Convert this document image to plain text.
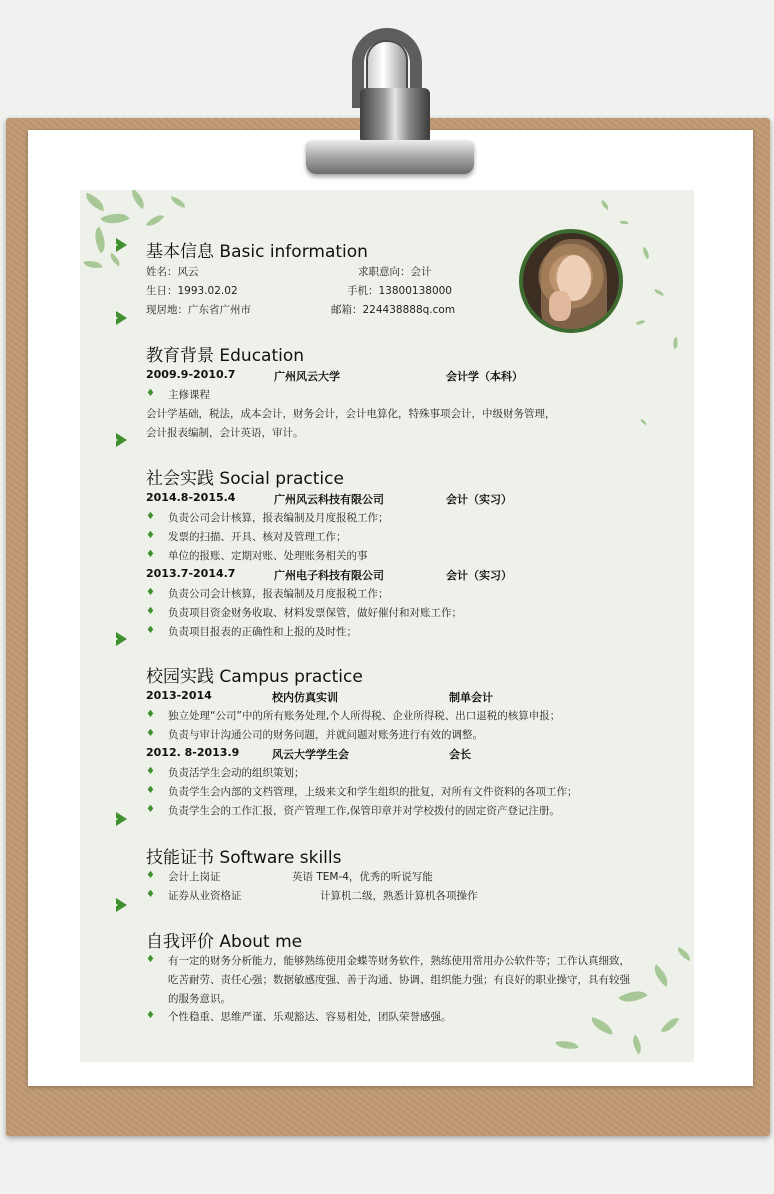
基本信息 Basic information
姓名：风云	求职意向：会计
生日：1993.02.02	手机：13800138000
现居地：广东省广州市	邮箱：224438888q.com
教育背景 Education
2009.9-2010.7	广州风云大学	会计学（本科）
♦ 主修课程
会计学基础，税法，成本会计，财务会计，会计电算化，特殊事项会计，中级财务管理，
会计报表编制，会计英语，审计。
社会实践 Social practice
2014.8-2015.4	广州风云科技有限公司	会计（实习）
♦ 负责公司会计核算，报表编制及月度报税工作；
♦ 发票的扫描、开具、核对及管理工作；
♦ 单位的报账、定期对账、处理账务相关的事
2013.7-2014.7	广州电子科技有限公司	会计（实习）
♦ 负责公司会计核算，报表编制及月度报税工作；
♦ 负责项目资金财务收取、材料发票保管，做好催付和对账工作；
♦ 负责项目报表的正确性和上报的及时性；
校园实践 Campus practice
2013-2014	校内仿真实训	制单会计
♦ 独立处理“公司”中的所有账务处理,个人所得税、企业所得税、出口退税的核算申报；
♦ 负责与审计沟通公司的财务问题，并就问题对账务进行有效的调整。
2012. 8-2013.9	风云大学学生会	会长
♦ 负责活学生会动的组织策划；
♦ 负责学生会内部的文档管理，上级来文和学生组织的批复，对所有文件资料的各项工作；
♦ 负责学生会的工作汇报，资产管理工作,保管印章并对学校拨付的固定资产登记注册。
技能证书 Software skills
♦ 会计上岗证	英语 TEM-4，优秀的听说写能
♦ 证券从业资格证	计算机二级，熟悉计算机各项操作
自我评价 About me
♦ 有一定的财务分析能力，能够熟练使用金蝶等财务软件，熟练使用常用办公软件等；工作认真细致，
吃苦耐劳、责任心强；数据敏感度强、善于沟通、协调、组织能力强；有良好的职业操守，具有较强
的服务意识。
♦ 个性稳重、思维严谨、乐观豁达、容易相处，团队荣誉感强。
